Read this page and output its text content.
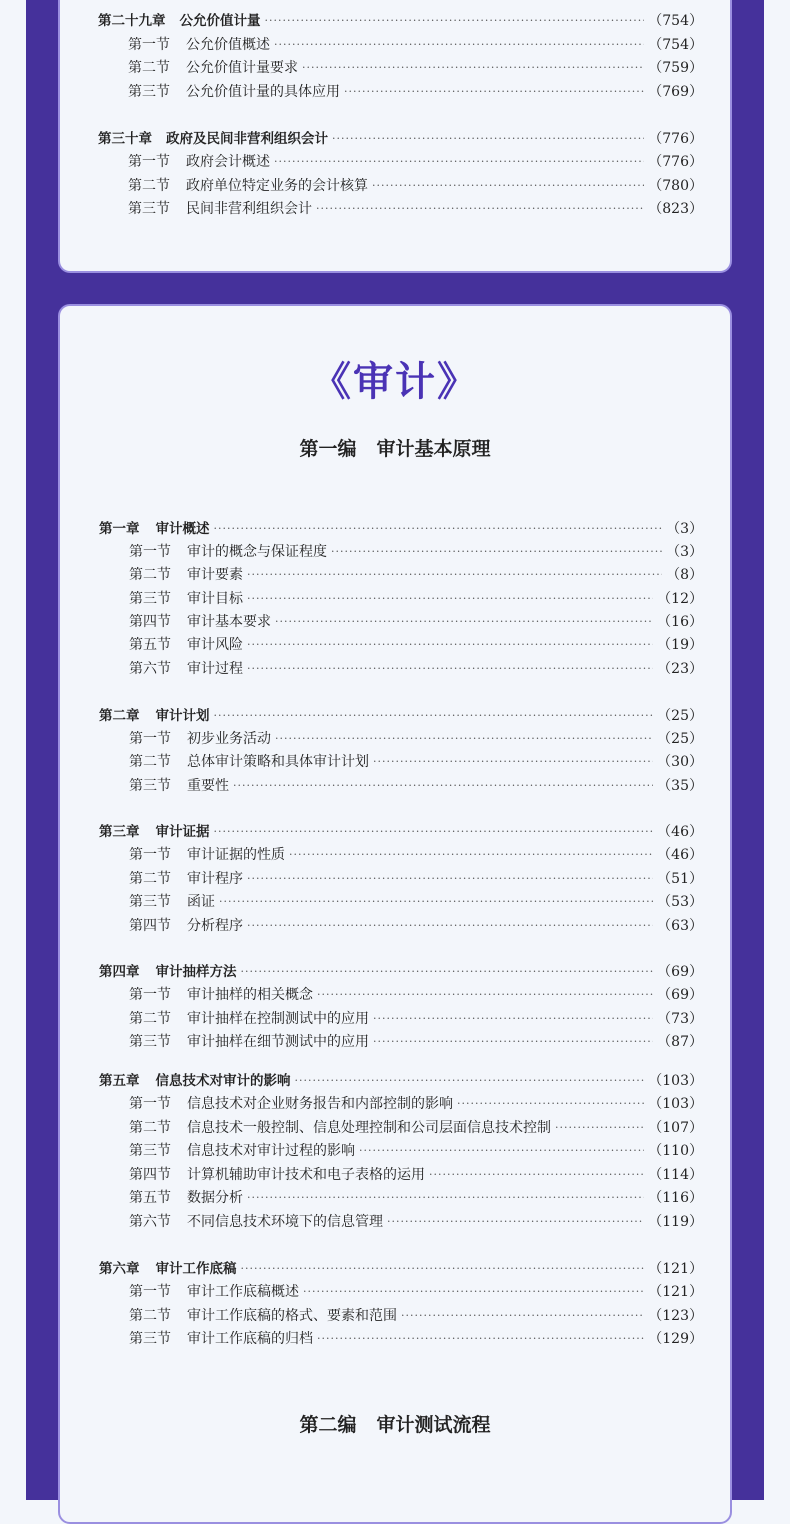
《审计》
第一编 审计基本原理
第二编 审计测试流程
第二十九章 公允价值计量 ·····	（754）
第一节 公允价值概述 ·····	（754）
第二节 公允价值计量要求 ·····	（759）
第三节 公允价值计量的具体应用 ·····	（769）
第三十章 政府及民间非营利组织会计 ·····	（776）
第一节 政府会计概述 ·····	（776）
第二节 政府单位特定业务的会计核算 ·····	（780）
第三节 民间非营利组织会计 ·····	（823）
第一章 审计概述 ·····	（3）
第一节 审计的概念与保证程度 ·····	（3）
第二节 审计要素 ·····	（8）
第三节 审计目标 ·····	（12）
第四节 审计基本要求 ·····	（16）
第五节 审计风险 ·····	（19）
第六节 审计过程 ·····	（23）
第二章 审计计划 ·····	（25）
第一节 初步业务活动 ·····	（25）
第二节 总体审计策略和具体审计计划 ·····	（30）
第三节 重要性 ·····	（35）
第三章 审计证据 ·····	（46）
第一节 审计证据的性质 ·····	（46）
第二节 审计程序 ·····	（51）
第三节 函证 ·····	（53）
第四节 分析程序 ·····	（63）
第四章 审计抽样方法 ·····	（69）
第一节 审计抽样的相关概念 ·····	（69）
第二节 审计抽样在控制测试中的应用 ·····	（73）
第三节 审计抽样在细节测试中的应用 ·····	（87）
第五章 信息技术对审计的影响 ·····	（103）
第一节 信息技术对企业财务报告和内部控制的影响 ·····	（103）
第二节 信息技术一般控制、信息处理控制和公司层面信息技术控制 ·····	（107）
第三节 信息技术对审计过程的影响 ·····	（110）
第四节 计算机辅助审计技术和电子表格的运用 ·····	（114）
第五节 数据分析 ·····	（116）
第六节 不同信息技术环境下的信息管理 ·····	（119）
第六章 审计工作底稿 ·····	（121）
第一节 审计工作底稿概述 ·····	（121）
第二节 审计工作底稿的格式、要素和范围 ·····	（123）
第三节 审计工作底稿的归档 ·····	（129）
